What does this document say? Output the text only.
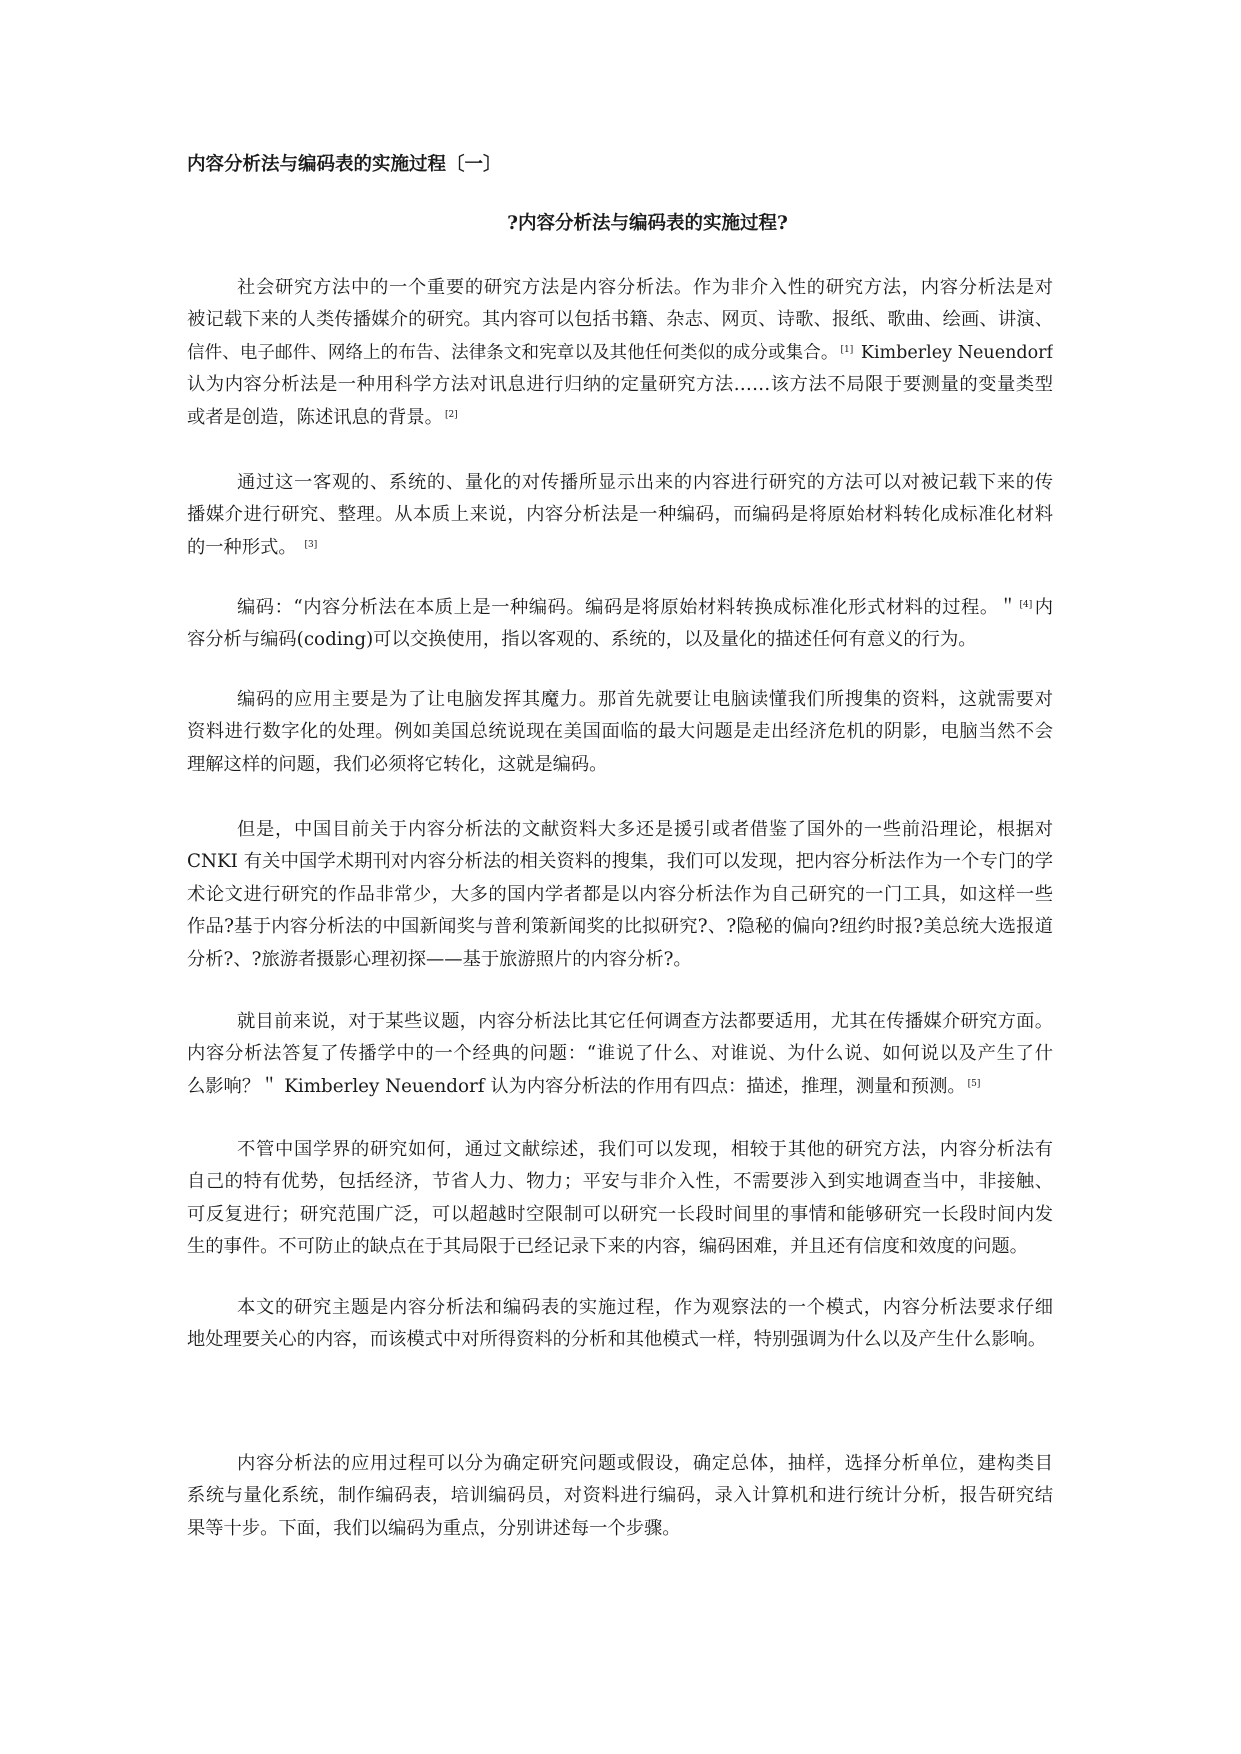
内容分析法与编码表的实施过程〔一〕
?内容分析法与编码表的实施过程?
社会研究方法中的一个重要的研究方法是内容分析法。作为非介入性的研究方法，内容分析法是对
被记载下来的人类传播媒介的研究。其内容可以包括书籍、杂志、网页、诗歌、报纸、歌曲、绘画、讲演、
信件、电子邮件、网络上的布告、法律条文和宪章以及其他任何类似的成分或集合。 [1] Kimberley Neuendorf
认为内容分析法是一种用科学方法对讯息进行归纳的定量研究方法……该方法不局限于要测量的变量类型
或者是创造，陈述讯息的背景。 [2]
通过这一客观的、系统的、量化的对传播所显示出来的内容进行研究的方法可以对被记载下来的传
播媒介进行研究、整理。从本质上来说，内容分析法是一种编码，而编码是将原始材料转化成标准化材料
的一种形式。 [3]
编码：“内容分析法在本质上是一种编码。编码是将原始材料转换成标准化形式材料的过程。＂ [4] 内
容分析与编码(coding)可以交换使用，指以客观的、系统的，以及量化的描述任何有意义的行为。
编码的应用主要是为了让电脑发挥其魔力。那首先就要让电脑读懂我们所搜集的资料，这就需要对
资料进行数字化的处理。例如美国总统说现在美国面临的最大问题是走出经济危机的阴影，电脑当然不会
理解这样的问题，我们必须将它转化，这就是编码。
但是，中国目前关于内容分析法的文献资料大多还是援引或者借鉴了国外的一些前沿理论，根据对
CNKI 有关中国学术期刊对内容分析法的相关资料的搜集，我们可以发现，把内容分析法作为一个专门的学
术论文进行研究的作品非常少，大多的国内学者都是以内容分析法作为自己研究的一门工具，如这样一些
作品?基于内容分析法的中国新闻奖与普利策新闻奖的比拟研究?、?隐秘的偏向?纽约时报?美总统大选报道
分析?、?旅游者摄影心理初探——基于旅游照片的内容分析?。
就目前来说，对于某些议题，内容分析法比其它任何调查方法都要适用，尤其在传播媒介研究方面。
内容分析法答复了传播学中的一个经典的问题：“谁说了什么、对谁说、为什么说、如何说以及产生了什
么影响？＂ Kimberley Neuendorf 认为内容分析法的作用有四点：描述，推理，测量和预测。 [5]
不管中国学界的研究如何，通过文献综述，我们可以发现，相较于其他的研究方法，内容分析法有
自己的特有优势，包括经济，节省人力、物力；平安与非介入性，不需要涉入到实地调查当中，非接触、
可反复进行；研究范围广泛，可以超越时空限制可以研究一长段时间里的事情和能够研究一长段时间内发
生的事件。不可防止的缺点在于其局限于已经记录下来的内容，编码困难，并且还有信度和效度的问题。
本文的研究主题是内容分析法和编码表的实施过程，作为观察法的一个模式，内容分析法要求仔细
地处理要关心的内容，而该模式中对所得资料的分析和其他模式一样，特别强调为什么以及产生什么影响。
内容分析法的应用过程可以分为确定研究问题或假设，确定总体，抽样，选择分析单位，建构类目
系统与量化系统，制作编码表，培训编码员，对资料进行编码，录入计算机和进行统计分析，报告研究结
果等十步。下面，我们以编码为重点，分别讲述每一个步骤。
